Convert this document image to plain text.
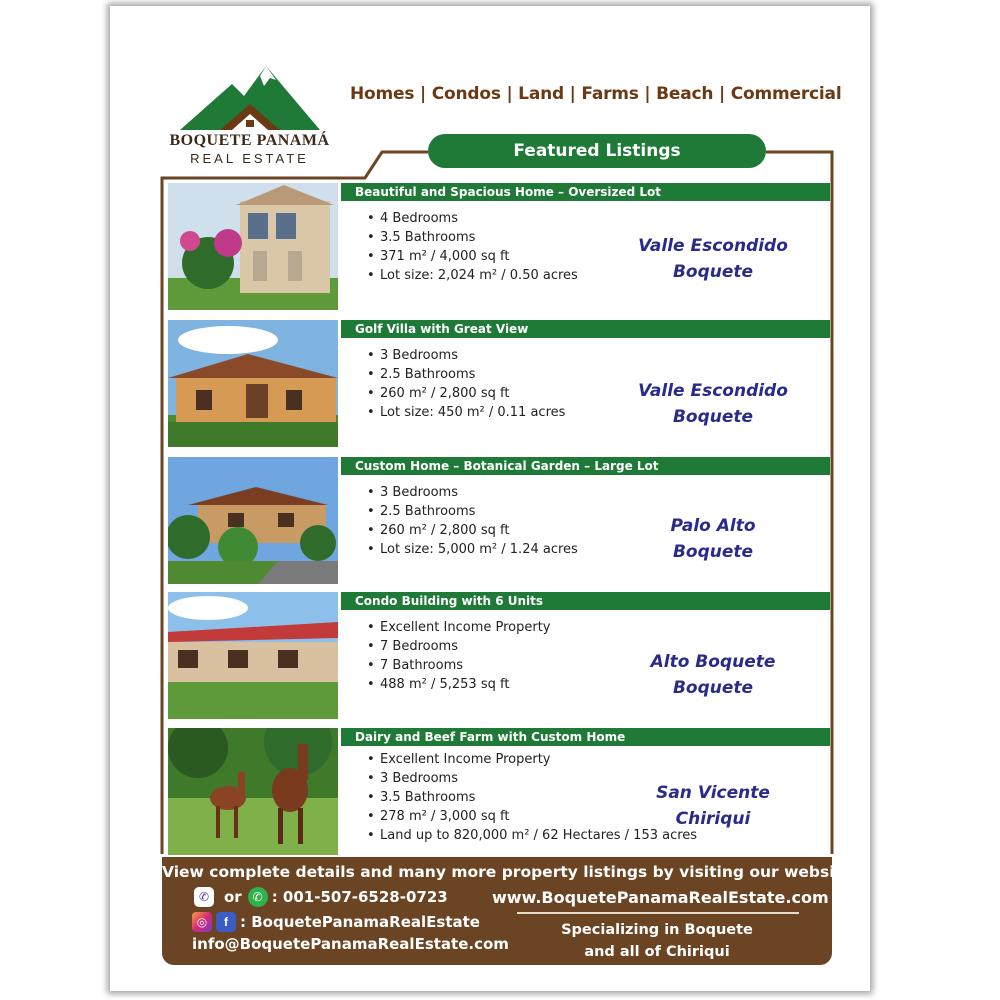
BOQUETE PANAMÁ
REAL ESTATE
Homes | Condos | Land | Farms | Beach | Commercial
Featured Listings
Beautiful and Spacious Home – Oversized Lot
• 4 Bedrooms
• 3.5 Bathrooms
• 371 m² / 4,000 sq ft
• Lot size: 2,024 m² / 0.50 acres
Valle Escondido
Boquete
Golf Villa with Great View
• 3 Bedrooms
• 2.5 Bathrooms
• 260 m² / 2,800 sq ft
• Lot size: 450 m² / 0.11 acres
Valle Escondido
Boquete
Custom Home – Botanical Garden – Large Lot
• 3 Bedrooms
• 2.5 Bathrooms
• 260 m² / 2,800 sq ft
• Lot size: 5,000 m² / 1.24 acres
Palo Alto
Boquete
Condo Building with 6 Units
• Excellent Income Property
• 7 Bedrooms
• 7 Bathrooms
• 488 m² / 5,253 sq ft
Alto Boquete
Boquete
Dairy and Beef Farm with Custom Home
• Excellent Income Property
• 3 Bedrooms
• 3.5 Bathrooms
• 278 m² / 3,000 sq ft
• Land up to 820,000 m² / 62 Hectares / 153 acres
San Vicente
Chiriqui
View complete details and many more property listings by visiting our website:
✆ or ✆ : 001-507-6528-0723
◎	f : BoquetePanamaRealEstate
info@BoquetePanamaRealEstate.com
www.BoquetePanamaRealEstate.com
Specializing in Boquete
and all of Chiriqui
